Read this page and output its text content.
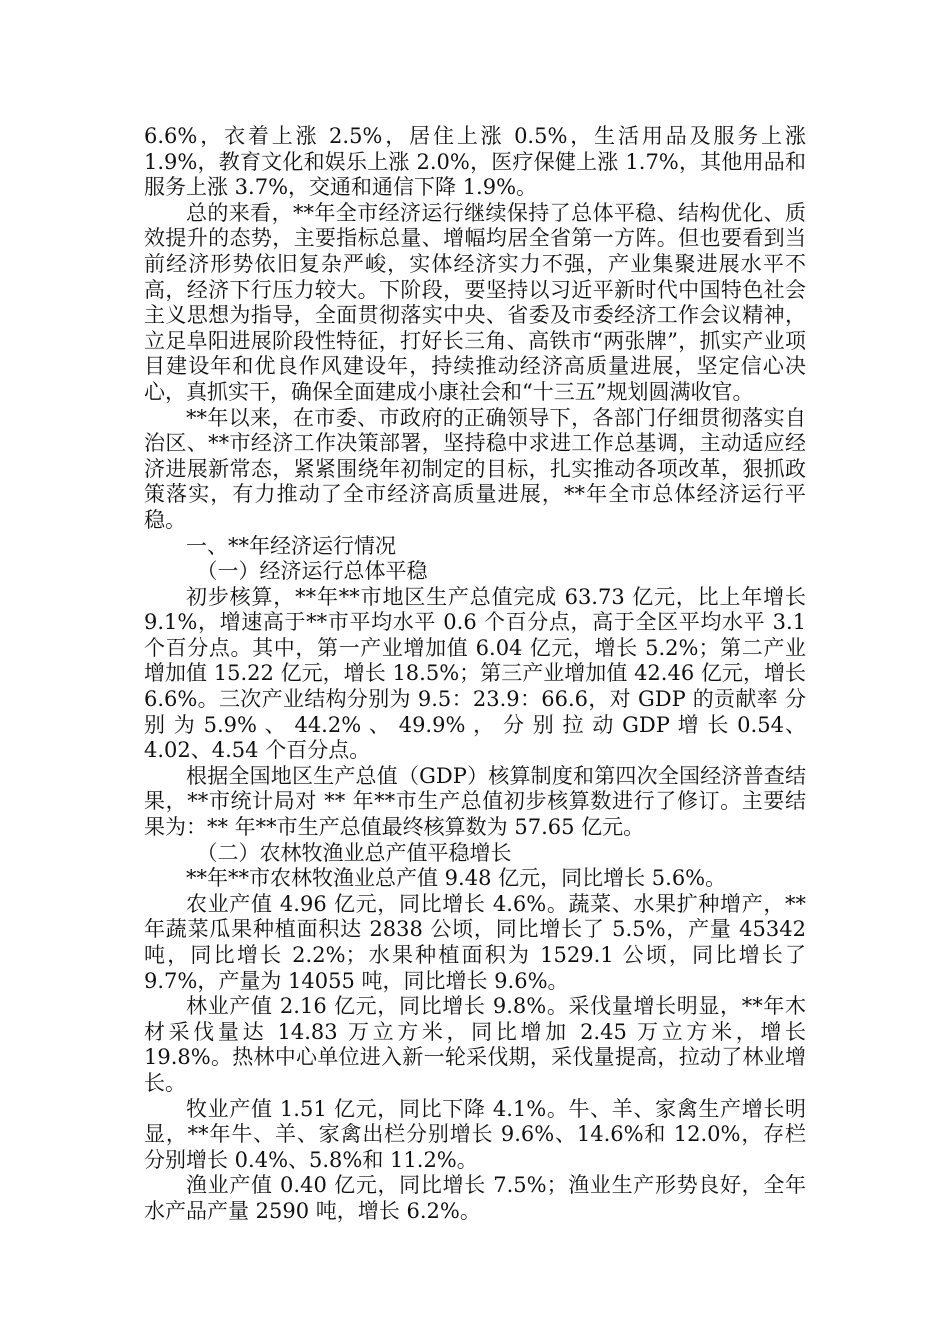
6.6%，衣着上涨 2.5%，居住上涨 0.5%，生活用品及服务上涨 1.9%，教育文化和娱乐上涨 2.0%，医疗保健上涨 1.7%，其他用品和服务上涨 3.7%，交通和通信下降 1.9%。

总的来看，**年全市经济运行继续保持了总体平稳、结构优化、质效提升的态势，主要指标总量、增幅均居全省第一方阵。但也要看到当前经济形势依旧复杂严峻，实体经济实力不强，产业集聚进展水平不高，经济下行压力较大。下阶段，要坚持以习近平新时代中国特色社会主义思想为指导，全面贯彻落实中央、省委及市委经济工作会议精神，立足阜阳进展阶段性特征，打好长三角、高铁市“两张牌”，抓实产业项目建设年和优良作风建设年，持续推动经济高质量进展，坚定信心决心，真抓实干，确保全面建成小康社会和“十三五”规划圆满收官。

**年以来，在市委、市政府的正确领导下，各部门仔细贯彻落实自治区、**市经济工作决策部署，坚持稳中求进工作总基调，主动适应经济进展新常态，紧紧围绕年初制定的目标，扎实推动各项改革，狠抓政策落实，有力推动了全市经济高质量进展，**年全市总体经济运行平稳。

一、**年经济运行情况

（一）经济运行总体平稳

初步核算，**年**市地区生产总值完成 63.73 亿元，比上年增长 9.1%，增速高于**市平均水平 0.6 个百分点，高于全区平均水平 3.1 个百分点。其中，第一产业增加值 6.04 亿元，增长 5.2%；第二产业增加值 15.22 亿元，增长 18.5%；第三产业增加值 42.46 亿元，增长 6.6%。三次产业结构分别为 9.5：23.9：66.6，对 GDP 的贡献率 分 别 为 5.9% 、 44.2% 、 49.9% ， 分 别 拉 动 GDP 增 长 0.54、4.02、4.54 个百分点。

根据全国地区生产总值（GDP）核算制度和第四次全国经济普查结果，**市统计局对 ** 年**市生产总值初步核算数进行了修订。主要结果为：** 年**市生产总值最终核算数为 57.65 亿元。

（二）农林牧渔业总产值平稳增长

**年**市农林牧渔业总产值 9.48 亿元，同比增长 5.6%。

农业产值 4.96 亿元，同比增长 4.6%。蔬菜、水果扩种增产，**年蔬菜瓜果种植面积达 2838 公顷，同比增长了 5.5%，产量 45342 吨，同比增长 2.2%；水果种植面积为 1529.1 公顷，同比增长了 9.7%，产量为 14055 吨，同比增长 9.6%。

林业产值 2.16 亿元，同比增长 9.8%。采伐量增长明显，**年木材采伐量达 14.83 万立方米，同比增加 2.45 万立方米，增长 19.8%。热林中心单位进入新一轮采伐期，采伐量提高，拉动了林业增长。

牧业产值 1.51 亿元，同比下降 4.1%。牛、羊、家禽生产增长明显，**年牛、羊、家禽出栏分别增长 9.6%、14.6%和 12.0%，存栏分别增长 0.4%、5.8%和 11.2%。

渔业产值 0.40 亿元，同比增长 7.5%；渔业生产形势良好，全年水产品产量 2590 吨，增长 6.2%。
